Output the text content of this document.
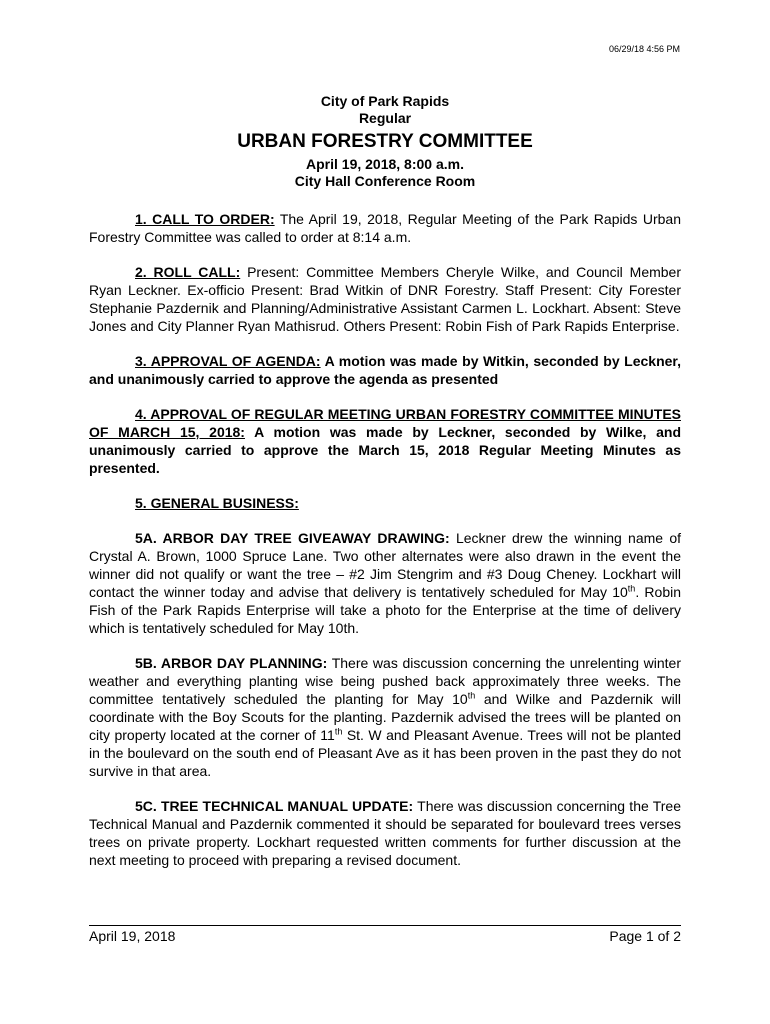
06/29/18 4:56 PM
City of Park Rapids
Regular
URBAN FORESTRY COMMITTEE
April 19, 2018, 8:00 a.m.
City Hall Conference Room

1. CALL TO ORDER: The April 19, 2018, Regular Meeting of the Park Rapids Urban Forestry Committee was called to order at 8:14 a.m.

2. ROLL CALL: Present: Committee Members Cheryle Wilke, and Council Member Ryan Leckner. Ex-officio Present: Brad Witkin of DNR Forestry. Staff Present: City Forester Stephanie Pazdernik and Planning/Administrative Assistant Carmen L. Lockhart. Absent: Steve Jones and City Planner Ryan Mathisrud. Others Present: Robin Fish of Park Rapids Enterprise.

3. APPROVAL OF AGENDA: A motion was made by Witkin, seconded by Leckner, and unanimously carried to approve the agenda as presented

4. APPROVAL OF REGULAR MEETING URBAN FORESTRY COMMITTEE MINUTES OF MARCH 15, 2018: A motion was made by Leckner, seconded by Wilke, and unanimously carried to approve the March 15, 2018 Regular Meeting Minutes as presented.

5. GENERAL BUSINESS:

5A. ARBOR DAY TREE GIVEAWAY DRAWING: Leckner drew the winning name of Crystal A. Brown, 1000 Spruce Lane. Two other alternates were also drawn in the event the winner did not qualify or want the tree – #2 Jim Stengrim and #3 Doug Cheney. Lockhart will contact the winner today and advise that delivery is tentatively scheduled for May 10th. Robin Fish of the Park Rapids Enterprise will take a photo for the Enterprise at the time of delivery which is tentatively scheduled for May 10th.

5B. ARBOR DAY PLANNING: There was discussion concerning the unrelenting winter weather and everything planting wise being pushed back approximately three weeks. The committee tentatively scheduled the planting for May 10th and Wilke and Pazdernik will coordinate with the Boy Scouts for the planting. Pazdernik advised the trees will be planted on city property located at the corner of 11th St. W and Pleasant Avenue. Trees will not be planted in the boulevard on the south end of Pleasant Ave as it has been proven in the past they do not survive in that area.

5C. TREE TECHNICAL MANUAL UPDATE: There was discussion concerning the Tree Technical Manual and Pazdernik commented it should be separated for boulevard trees verses trees on private property. Lockhart requested written comments for further discussion at the next meeting to proceed with preparing a revised document.

April 19, 2018	Page 1 of 2
